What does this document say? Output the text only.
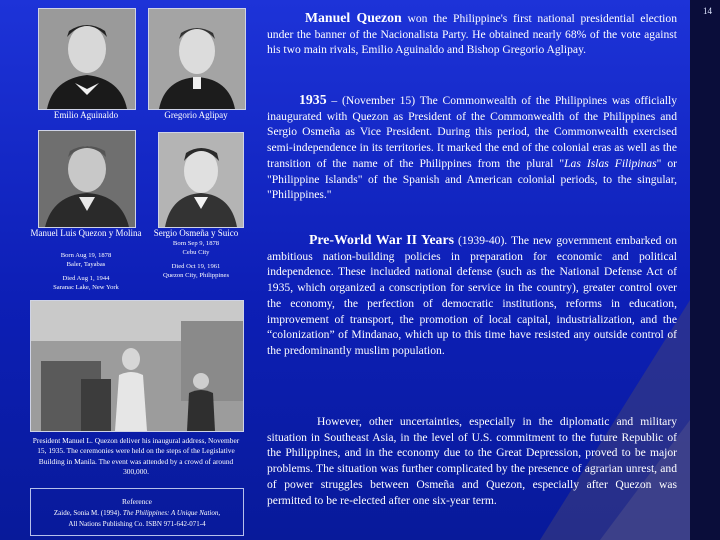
14
Emilio Aguinaldo	Gregorio Aglipay
Manuel Luis Quezon y Molina
Born Aug 19, 1878
Baler, Tayabas
Died Aug 1, 1944
Saranac Lake, New York
Sergio Osmeña y Suico
Born Sep 9, 1878
Cebu City
Died Oct 19, 1961
Quezon City, Philippines
President Manuel L. Quezon deliver his inaugural address, November 15, 1935. The ceremonies were held on the steps of the Legislative Building in Manila. The event was attended by a crowd of around 300,000.
Reference
Zaide, Sonia M. (1994). The Philippines: A Unique Nation,
All Nations Publishing Co. ISBN 971-642-071-4
Manuel Quezon won the Philippine's first national presidential election under the banner of the Nacionalista Party. He obtained nearly 68% of the vote against his two main rivals, Emilio Aguinaldo and Bishop Gregorio Aglipay.
1935 – (November 15) The Commonwealth of the Philippines was officially inaugurated with Quezon as President of the Commonwealth of the Philippines and Sergio Osmeña as Vice President. During this period, the Commonwealth exercised semi-independence in its territories. It marked the end of the colonial eras as well as the transition of the name of the Philippines from the plural "Las Islas Filipinas" or "Philippine Islands" of the Spanish and American colonial periods, to the singular, "Philippines."
Pre-World War II Years (1939-40). The new government embarked on ambitious nation-building policies in preparation for economic and political independence. These included national defense (such as the National Defense Act of 1935, which organized a conscription for service in the country), greater control over the economy, the perfection of democratic institutions, reforms in education, improvement of transport, the promotion of local capital, industrialization, and the “colonization” of Mindanao, which up to this time have resisted any outside control of the predominantly muslim population.
However, other uncertainties, especially in the diplomatic and military situation in Southeast Asia, in the level of U.S. commitment to the future Republic of the Philippines, and in the economy due to the Great Depression, proved to be major problems. The situation was further complicated by the presence of agrarian unrest, and of power struggles between Osmeña and Quezon, especially after Quezon was permitted to be re-elected after one six-year term.
